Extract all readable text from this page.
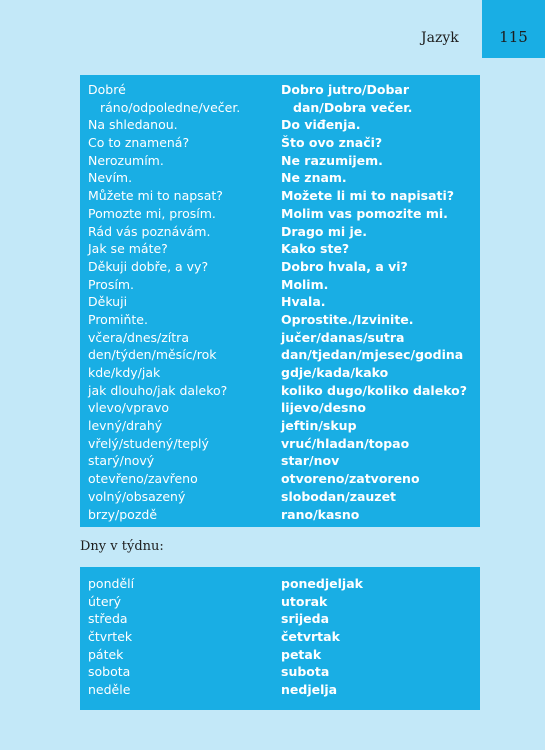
Jazyk	115
Dobré	Dobro jutro/Dobar
ráno/odpoledne/večer.	dan/Dobra večer.
Na shledanou.	Do viđenja.
Co to znamená?	Što ovo znači?
Nerozumím.	Ne razumijem.
Nevím.	Ne znam.
Můžete mi to napsat?	Možete li mi to napisati?
Pomozte mi, prosím.	Molim vas pomozite mi.
Rád vás poznávám.	Drago mi je.
Jak se máte?	Kako ste?
Děkuji dobře, a vy?	Dobro hvala, a vi?
Prosím.	Molim.
Děkuji	Hvala.
Promiňte.	Oprostite./Izvinite.
včera/dnes/zítra	jučer/danas/sutra
den/týden/měsíc/rok	dan/tjedan/mjesec/godina
kde/kdy/jak	gdje/kada/kako
jak dlouho/jak daleko?	koliko dugo/koliko daleko?
vlevo/vpravo	lijevo/desno
levný/drahý	jeftin/skup
vřelý/studený/teplý	vruć/hladan/topao
starý/nový	star/nov
otevřeno/zavřeno	otvoreno/zatvoreno
volný/obsazený	slobodan/zauzet
brzy/pozdě	rano/kasno
Dny v týdnu:
pondělí	ponedjeljak
úterý	utorak
středa	srijeda
čtvrtek	četvrtak
pátek	petak
sobota	subota
neděle	nedjelja
